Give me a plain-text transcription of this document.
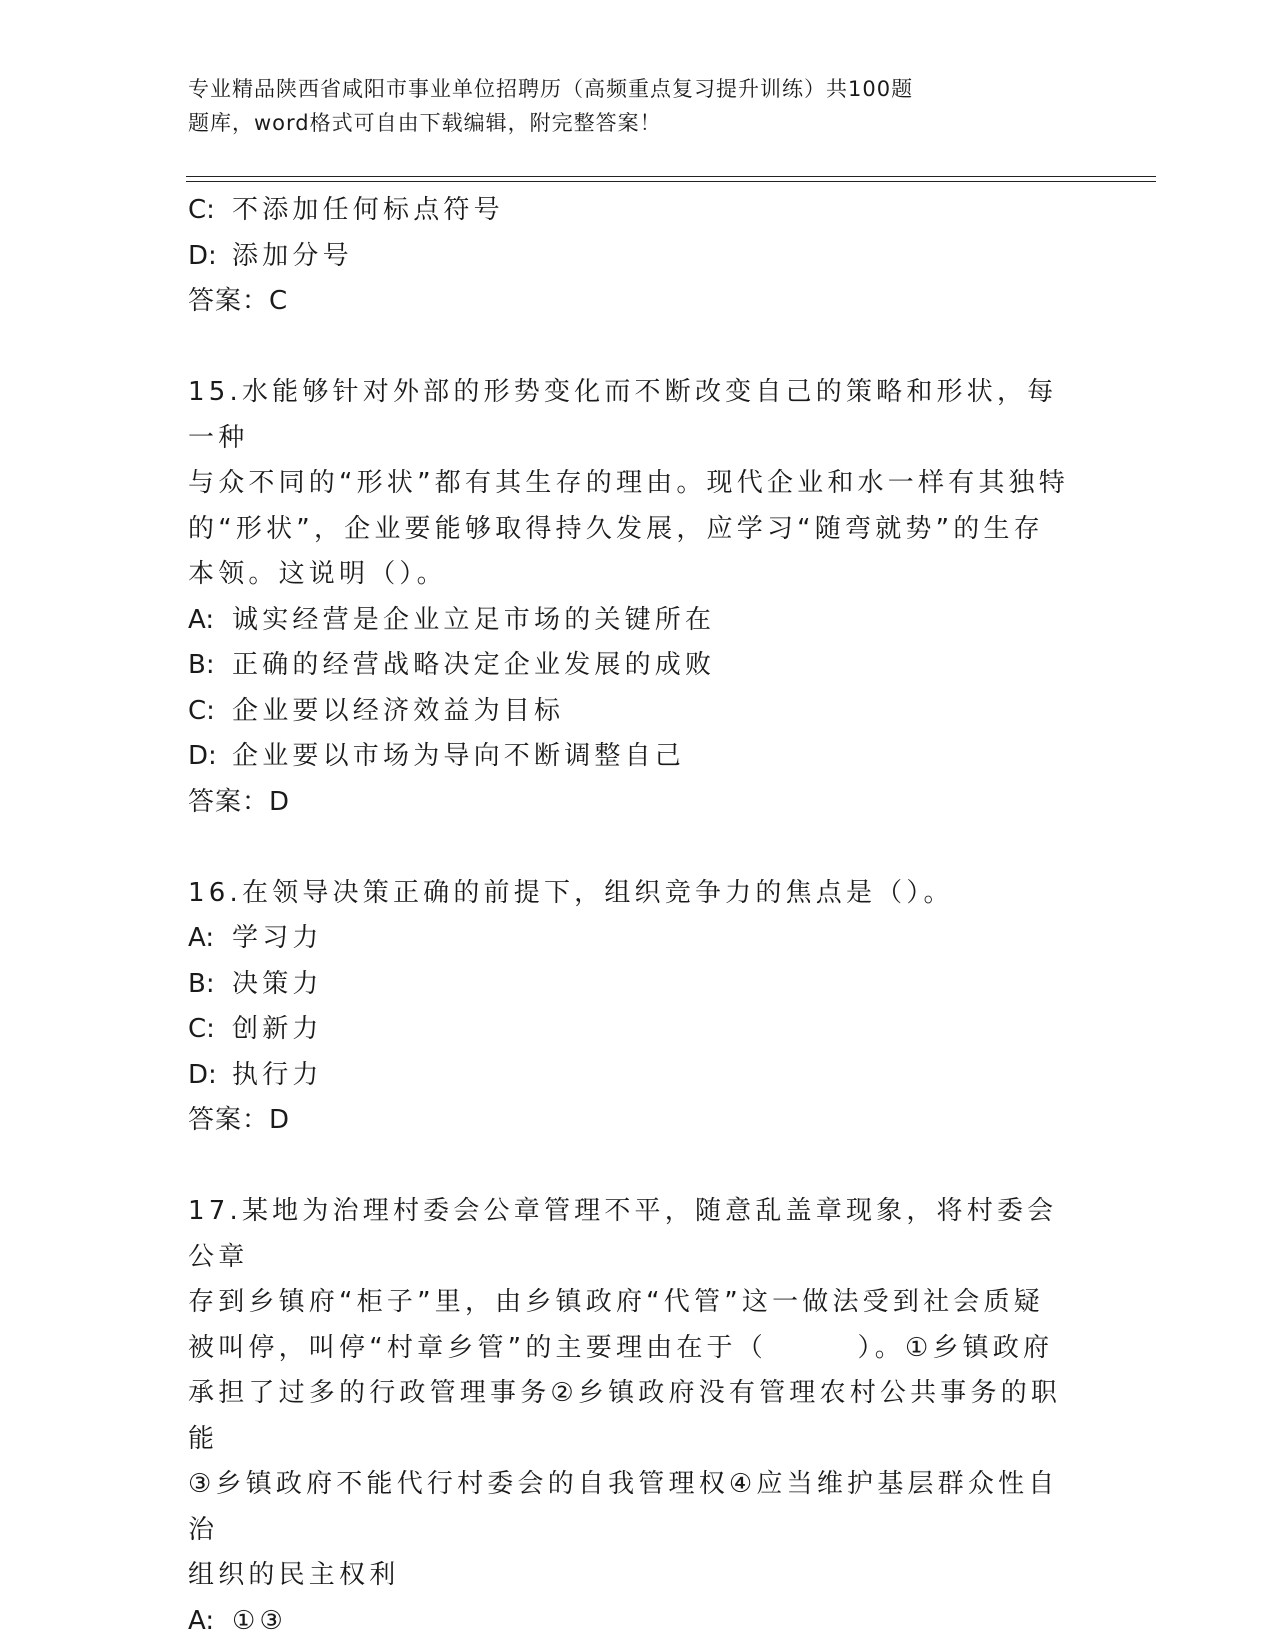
专业精品陕西省咸阳市事业单位招聘历（高频重点复习提升训练）共100题
题库，word格式可自由下载编辑，附完整答案！
C: 不添加任何标点符号
D: 添加分号
答案：C
15.水能够针对外部的形势变化而不断改变自己的策略和形状，每一种
与众不同的“形状”都有其生存的理由。现代企业和水一样有其独特
的“形状”，企业要能够取得持久发展，应学习“随弯就势”的生存
本领。这说明（）。
A: 诚实经营是企业立足市场的关键所在
B: 正确的经营战略决定企业发展的成败
C: 企业要以经济效益为目标
D: 企业要以市场为导向不断调整自己
答案：D
16.在领导决策正确的前提下，组织竞争力的焦点是（）。
A: 学习力
B: 决策力
C: 创新力
D: 执行力
答案：D
17.某地为治理村委会公章管理不平，随意乱盖章现象，将村委会公章
存到乡镇府“柜子”里，由乡镇政府“代管”这一做法受到社会质疑
被叫停，叫停“村章乡管”的主要理由在于（　　　）。①乡镇政府
承担了过多的行政管理事务②乡镇政府没有管理农村公共事务的职能
③乡镇政府不能代行村委会的自我管理权④应当维护基层群众性自治
组织的民主权利
A: ①③
